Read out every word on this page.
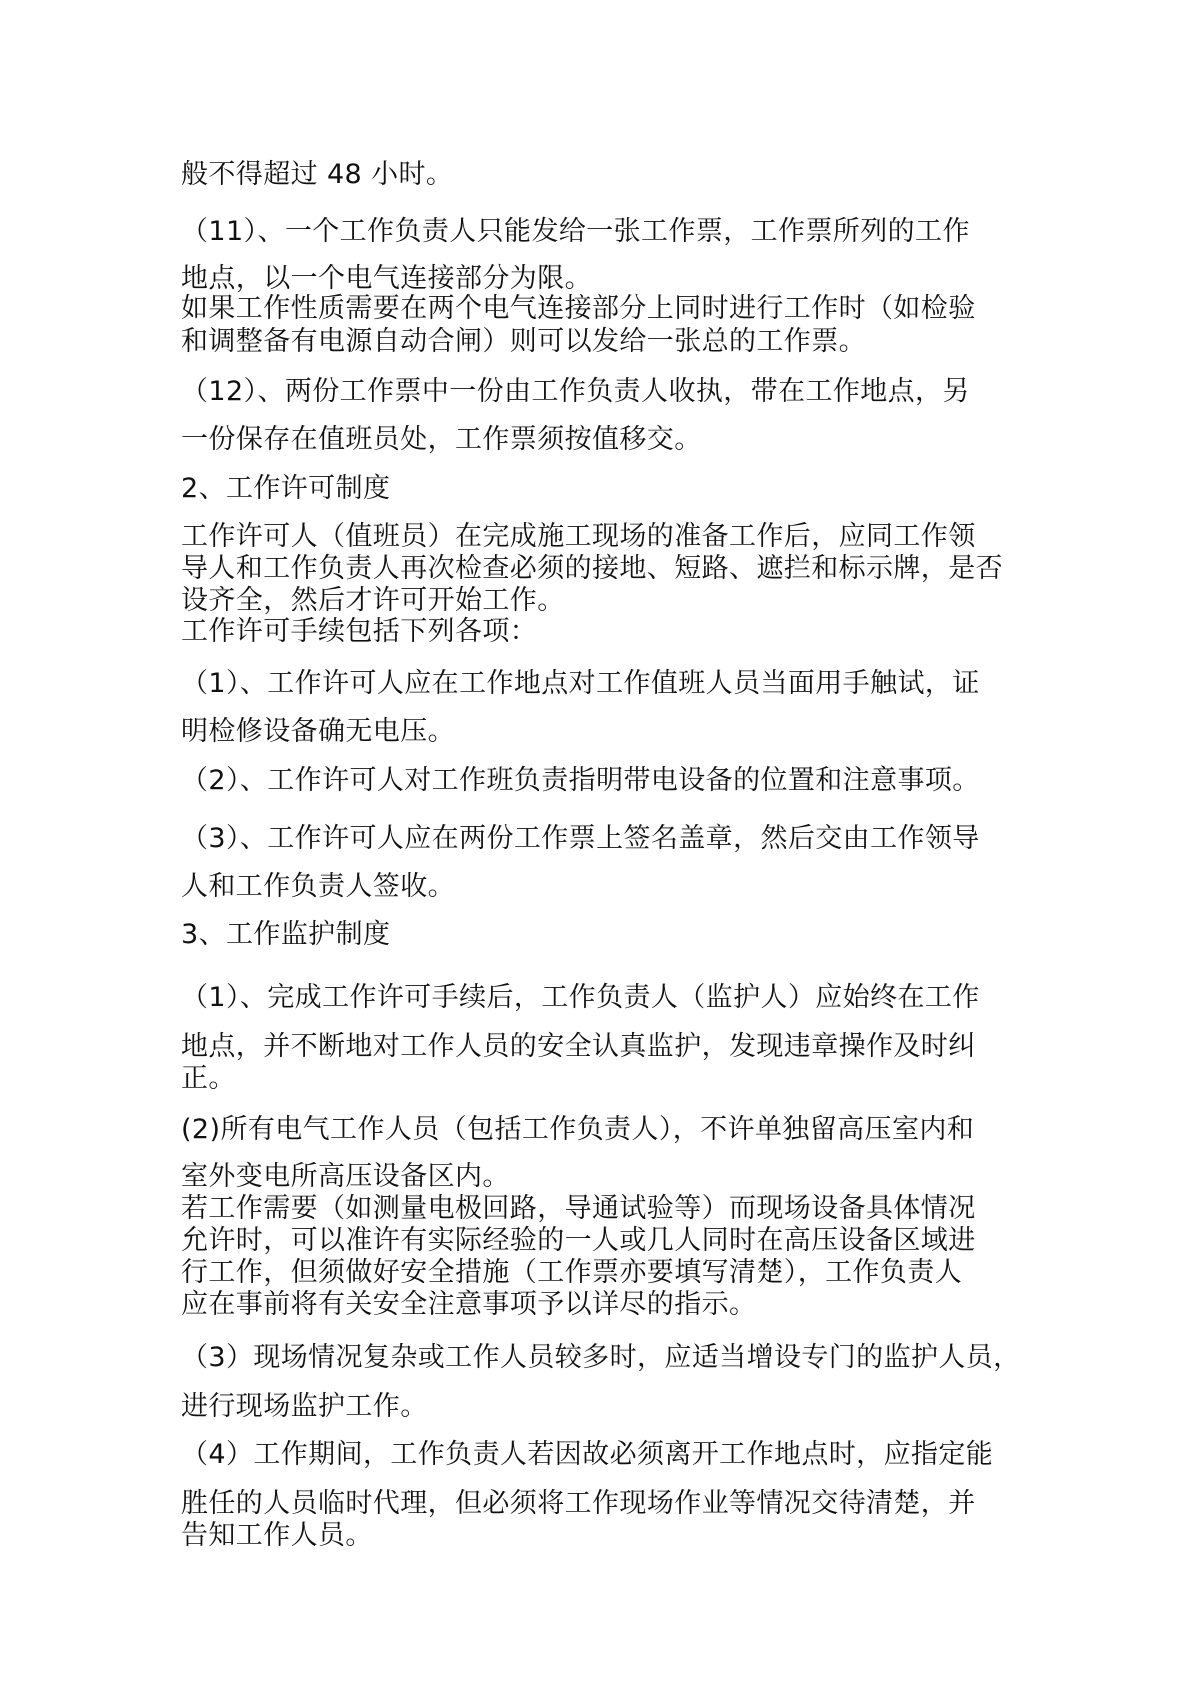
般不得超过 48 小时。

（11）、一个工作负责人只能发给一张工作票，工作票所列的工作

地点，以一个电气连接部分为限。

如果工作性质需要在两个电气连接部分上同时进行工作时（如检验

和调整备有电源自动合闸）则可以发给一张总的工作票。

（12）、两份工作票中一份由工作负责人收执，带在工作地点，另

一份保存在值班员处，工作票须按值移交。

2、工作许可制度

工作许可人（值班员）在完成施工现场的准备工作后，应同工作领

导人和工作负责人再次检查必须的接地、短路、遮拦和标示牌，是否

设齐全，然后才许可开始工作。

工作许可手续包括下列各项：

（1）、工作许可人应在工作地点对工作值班人员当面用手触试，证

明检修设备确无电压。

（2）、工作许可人对工作班负责指明带电设备的位置和注意事项。

（3）、工作许可人应在两份工作票上签名盖章，然后交由工作领导

人和工作负责人签收。

3、工作监护制度

（1）、完成工作许可手续后，工作负责人（监护人）应始终在工作

地点，并不断地对工作人员的安全认真监护，发现违章操作及时纠

正。

(2)所有电气工作人员（包括工作负责人），不许单独留高压室内和

室外变电所高压设备区内。

若工作需要（如测量电极回路，导通试验等）而现场设备具体情况

允许时，可以准许有实际经验的一人或几人同时在高压设备区域进

行工作，但须做好安全措施（工作票亦要填写清楚），工作负责人

应在事前将有关安全注意事项予以详尽的指示。

（3）现场情况复杂或工作人员较多时，应适当增设专门的监护人员，

进行现场监护工作。

（4）工作期间，工作负责人若因故必须离开工作地点时，应指定能

胜任的人员临时代理，但必须将工作现场作业等情况交待清楚，并

告知工作人员。
